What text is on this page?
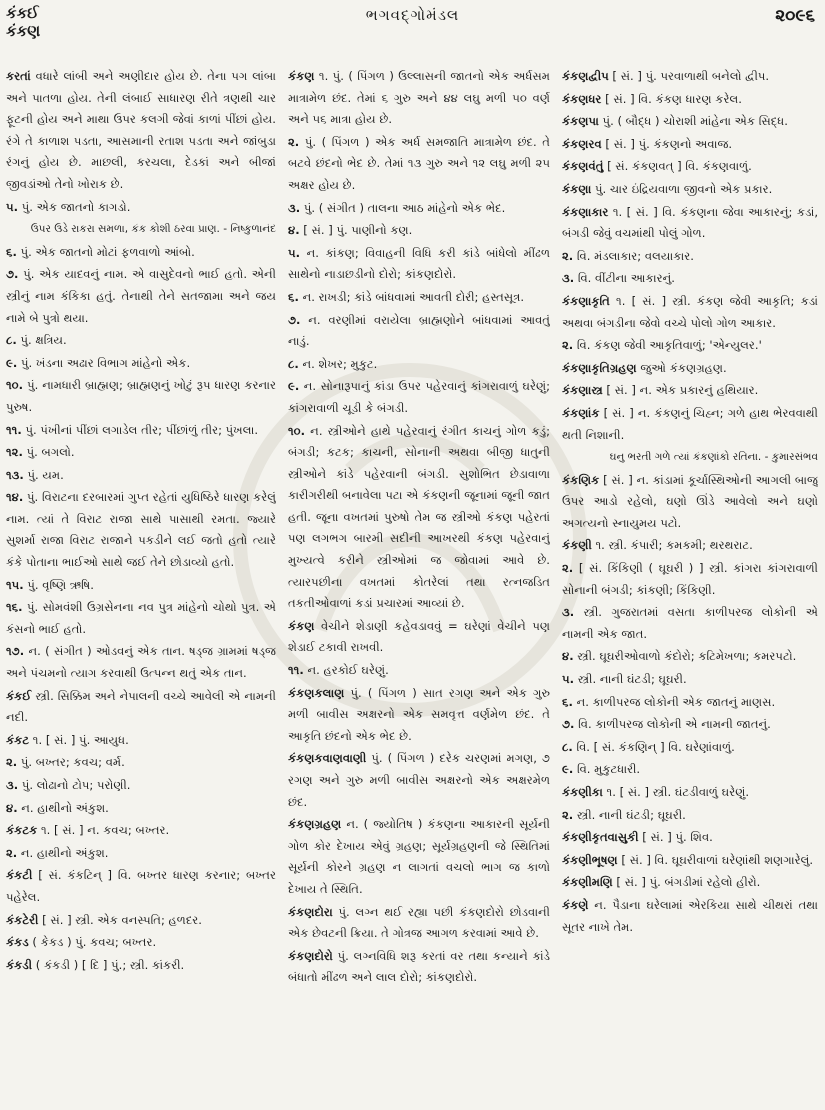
કંકઈ
કંકણ
ભગવદ્ગોમંડલ	૨૦૯૬

કરતાં વધારે લાંબી અને અણીદાર હોય છે. તેના પગ લાંબા અને પાતળા હોય. તેની લંબાઈ સાધારણ રીતે ત્રણથી ચાર ફૂટની હોય અને માથા ઉપર કલગી જેવાં કાળાં પીંછાં હોય. રંગે તે કાળાશ પડતા, આસમાની રતાશ પડતા અને જાંબુડા રંગનું હોય છે. માછલી, કરચલા, દેડકાં અને બીજાં જીવડાંઓ તેનો ખોરાક છે.

૫. પું. એક જાતનો કાગડો.

ઉપર ઉડે રાકરા સમળા, કંક કોશી ઠરવા પ્રાણ. - નિષ્કુળાનંદ

૬. પું. એક જાતનો મોટાં ફળવાળો આંબો.

૭. પું. એક યાદવનું નામ. એ વાસુદેવનો ભાઈ હતો. એની સ્ત્રીનું નામ કંકિકા હતું. તેનાથી તેને સતજામા અને જય નામે બે પુત્રો થયા.

૮. પું. ક્ષત્રિય.

૯. પું. ખંડના અઢાર વિભાગ માંહેનો એક.

૧૦. પું. નામધારી બ્રાહ્મણ; બ્રાહ્મણનું ખોટું રૂપ ધારણ કરનાર પુરુષ.

૧૧. પું. પંખીનાં પીંછાં લગાડેલ તીર; પીંછાંળું તીર; પુંખલા.

૧૨. પું. બગલો.

૧૩. પું. યમ.

૧૪. પું. વિરાટના દરબારમાં ગુપ્ત રહેતાં યુધિષ્ઠિરે ધારણ કરેલું નામ. ત્યાં તે વિરાટ રાજા સાથે પાસાથી રમતા. જ્યારે સુશર્મા રાજા વિરાટ રાજાને પકડીને લઈ જતો હતો ત્યારે કંકે પોતાના ભાઈઓ સાથે જઈ તેને છોડાવ્યો હતો.

૧૫. પું. વૃષ્ણિ ઋષિ.

૧૬. પું. સોમવંશી ઉગ્રસેનના નવ પુત્ર માંહેનો ચોથો પુત્ર. એ કંસનો ભાઈ હતો.

૧૭. ન. ( સંગીત ) ઓડવનું એક તાન. ષડ્જ ગ્રામમાં ષડ્જ અને પંચમનો ત્યાગ કરવાથી ઉત્પન્ન થતું એક તાન.

કંકઈ સ્ત્રી. સિક્કિમ અને નેપાલની વચ્ચે આવેલી એ નામની નદી.

કંકટ ૧. [ સં. ] પું. આયુધ.

૨. પું. બખ્તર; કવચ; વર્મ.

૩. પું. લોઢાનો ટોપ; પરોણી.

૪. ન. હાથીનો અંકુશ.

કંકટક ૧. [ સં. ] ન. કવચ; બખ્તર.

૨. ન. હાથીનો અંકુશ.

કંકટી [ સં. કંકટિન્ ] વિ. બખ્તર ધારણ કરનાર; બખ્તર પહેરેલ.

કંકટેરી [ સં. ] સ્ત્રી. એક વનસ્પતિ; હળદર.

કંકડ ( કેકડ ) પું. કવચ; બખ્તર.

કંકડી ( કંકડી ) [ દિ ] પું.; સ્ત્રી. કાંકરી.

કંકણ ૧. પું. ( પિંગળ ) ઉલ્લાસની જાતનો એક અર્ધસમ માત્રામેળ છંદ. તેમાં ૬ ગુરુ અને ૪૪ લઘુ મળી ૫૦ વર્ણ અને ૫૬ માત્રા હોય છે.

૨. પું. ( પિંગળ ) એક અર્ધ સમજાતિ માત્રામેળ છંદ. તે બટવે છંદનો ભેદ છે. તેમાં ૧૩ ગુરુ અને ૧૨ લઘુ મળી ૨૫ અક્ષર હોય છે.

૩. પું. ( સંગીત ) તાલના આઠ માંહેનો એક ભેદ.

૪. [ સં. ] પું. પાણીનો કણ.

૫. ન. કાંકણ; વિવાહની વિધિ કરી કાંડે બાંધેલો મીંઢળ સાથેનો નાડાછડીનો દોરો; કાંકણદોરો.

૬. ન. રાખડી; કાંડે બાંધવામાં આવતી દોરી; હસ્તસૂત્ર.

૭. ન. વરણીમાં વરાયેલા બ્રાહ્મણોને બાંધવામાં આવતું નાડું.

૮. ન. શેખર; મુકુટ.

૯. ન. સોનારૂપાનું કાંડા ઉપર પહેરવાનું કાંગરાવાળું ઘરેણું; કાંગરાવાળી ચૂડી કે બંગડી.

૧૦. ન. સ્ત્રીઓને હાથે પહેરવાનું રંગીત કાચનું ગોળ કડું; બંગડી; કટક; કાચની, સોનાની અથવા બીજી ધાતુની સ્ત્રીઓને કાંડે પહેરવાની બંગડી. સુશોભિત છેડાવાળા કારીગરીથી બનાવેલા પટા એ કંકણની જૂનામાં જૂની જાત હતી. જૂના વખતમાં પુરુષો તેમ જ સ્ત્રીઓ કંકણ પહેરતાં પણ લગભગ બારમી સદીની આખરથી કંકણ પહેરવાનું મુખ્યત્વે કરીને સ્ત્રીઓમાં જ જોવામાં આવે છે. ત્યારપછીના વખતમાં કોતરેલાં તથા રત્નજડિત તકતીઓવાળાં કડાં પ્રચારમાં આવ્યાં છે.

કંકણ વેચીને શેડાણી કહેવડાવવું = ઘરેણાં વેચીને પણ શેડાઈ ટકાવી રાખવી.

૧૧. ન. હરકોઈ ઘરેણું.

કંકણકલાણ પું. ( પિંગળ ) સાત રગણ અને એક ગુરુ મળી બાવીસ અક્ષરનો એક સમવૃત્ત વર્ણમેળ છંદ. તે આકૃતિ છંદનો એક ભેદ છે.

કંકણકવાણવાણી પું. ( પિંગળ ) દરેક ચરણમાં મગણ, ૭ રગણ અને ગુરુ મળી બાવીસ અક્ષરનો એક અક્ષરમેળ છંદ.

કંકણગ્રહણ ન. ( જ્યોતિષ ) કંકણના આકારની સૂર્યની ગોળ કોર દેખાય એવું ગ્રહણ; સૂર્યગ્રહણની જે સ્થિતિમાં સૂર્યની કોરને ગ્રહણ ન લાગતાં વચલો ભાગ જ કાળો દેખાય તે સ્થિતિ.

કંકણદોરા પું. લગ્ન થઈ રહ્યા પછી કંકણદોરો છોડવાની એક છેવટની ક્રિયા. તે ગોત્રજ આગળ કરવામાં આવે છે.

કંકણદોરો પું. લગ્નવિધિ શરૂ કરતાં વર તથા કન્યાને કાંડે બંધાતો મીંઢળ અને લાલ દોરો; કાંકણદોરો.

કંકણદ્વીપ [ સં. ] પું. પરવાળાથી બનેલો દ્વીપ.

કંકણધર [ સં. ] વિ. કંકણ ધારણ કરેલ.

કંકણપા પું. ( બૌદ્ધ ) ચોરાશી માંહેના એક સિદ્ધ.

કંકણરવ [ સં. ] પું. કંકણનો અવાજ.

કંકણવંતું [ સં. કંકણવત્ ] વિ. કંકણવાળું.

કંકણા પું. ચાર ઇંદ્રિયવાળા જીવનો એક પ્રકાર.

કંકણાકાર ૧. [ સં. ] વિ. કંકણના જેવા આકારનું; કડાં, બંગડી જેવું વચમાંથી પોલું ગોળ.

૨. વિ. મંડલાકાર; વલયાકાર.

૩. વિ. વીંટીના આકારનું.

કંકણાકૃતિ ૧. [ સં. ] સ્ત્રી. કંકણ જેવી આકૃતિ; કડાં અથવા બંગડીના જેવો વચ્ચે પોલો ગોળ આકાર.

૨. વિ. કંકણ જેવી આકૃતિવાળું; 'એન્યુલર.'

કંકણાકૃતિગ્રહણ જુઓ કંકણગ્રહણ.

કંકણાસ્ત્ર [ સં. ] ન. એક પ્રકારનું હથિયાર.

કંકણાંક [ સં. ] ન. કંકણનું ચિહ્ન; ગળે હાથ ભેરવવાથી થતી નિશાની.

ઘનુ ભરતી ગળે ત્યાં કંકણાંકો રતિના. - કુમારસંભવ

કંકણિક [ સં. ] ન. કાંડામાં કૂર્ચાસ્થિઓની આગલી બાજુ ઉપર આડો રહેલો, ઘણો ઊંડે આવેલો અને ઘણો અગત્યનો સ્નાયુમય પટો.

કંકણી ૧. સ્ત્રી. કંપારી; કમકમી; થરથરાટ.

૨. [ સં. કિંકિણી ( ઘૂઘરી ) ] સ્ત્રી. કાંગરા કાંગરાવાળી સોનાની બંગડી; કાંકણી; કિંકિણી.

૩. સ્ત્રી. ગુજરાતમાં વસતા કાળીપરજ લોકોની એ નામની એક જાત.

૪. સ્ત્રી. ઘૂઘરીઓવાળો કંદોરો; કટિમેખળા; કમરપટો.

૫. સ્ત્રી. નાની ઘંટડી; ઘૂઘરી.

૬. ન. કાળીપરજ લોકોની એક જાતનું માણસ.

૭. વિ. કાળીપરજ લોકોની એ નામની જાતનું.

૮. વિ. [ સં. કંકણિન્ ] વિ. ઘરેણાંવાળું.

૯. વિ. મુકુટધારી.

કંકણીકા ૧. [ સં. ] સ્ત્રી. ઘંટડીવાળું ઘરેણું.

૨. સ્ત્રી. નાની ઘંટડી; ઘૂઘરી.

કંકણીકૃતવાસુકી [ સં. ] પું. શિવ.

કંકણીભૂષણ [ સં. ] વિ. ઘૂઘરીવાળાં ઘરેણાંથી શણગારેલું.

કંકણીમણિ [ સં. ] પું. બંગડીમાં રહેલો હીરો.

કંકણે ન. પૈડાના ઘરેલામાં એરકિયા સાથે ચીથરાં તથા સૂતર નાખે તેમ.
